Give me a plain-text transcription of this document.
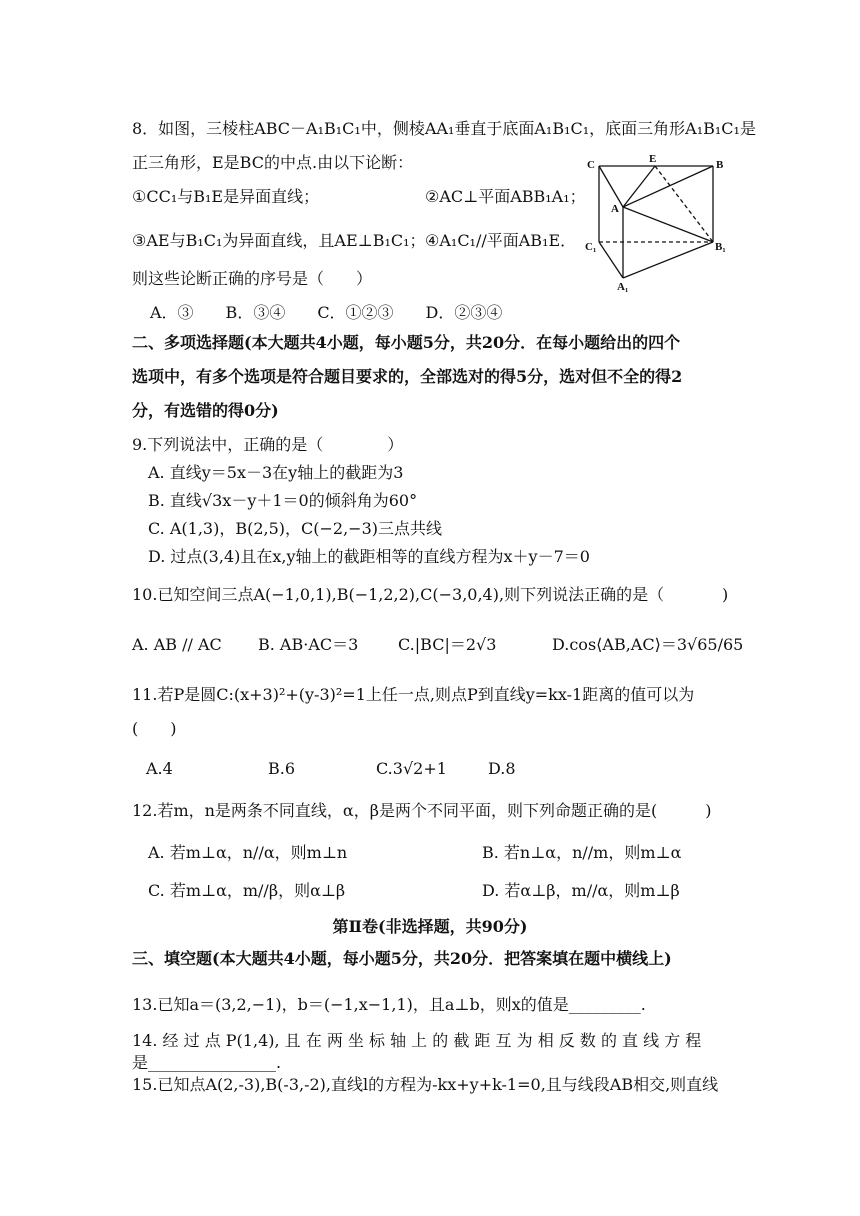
8．如图，三棱柱ABC－A₁B₁C₁中，侧棱AA₁垂直于底面A₁B₁C₁，底面三角形A₁B₁C₁是
正三角形，E是BC的中点.由以下论断：
①CC₁与B₁E是异面直线；	②AC⊥平面ABB₁A₁；
③AE与B₁C₁为异面直线，且AE⊥B₁C₁； ④A₁C₁//平面AB₁E．
则这些论断正确的序号是（　　）
A．③　　B．③④　　C．①②③　　D．②③④
C	E	B
A
C₁	B₁
A₁
二、多项选择题(本大题共4小题，每小题5分，共20分．在每小题给出的四个
选项中，有多个选项是符合题目要求的，全部选对的得5分，选对但不全的得2
分，有选错的得0分)
9.下列说法中，正确的是（　　　　）
A. 直线y＝5x－3在y轴上的截距为3
B. 直线√3x－y＋1＝0的倾斜角为60°
C. A(1,3)，B(2,5)，C(−2,−3)三点共线
D. 过点(3,4)且在x,y轴上的截距相等的直线方程为x＋y－7＝0
10.已知空间三点A(−1,0,1),B(−1,2,2),C(−3,0,4),则下列说法正确的是（	)
A. AB // AC B. AB·AC＝3 C.|BC|＝2√3	D.cos⟨AB,AC⟩＝3√65/65
11.若P是圆C:(x+3)²+(y-3)²=1上任一点,则点P到直线y=kx-1距离的值可以为
(　　)
A.4	B.6	C.3√2+1	D.8
12.若m，n是两条不同直线，α，β是两个不同平面，则下列命题正确的是(　　　)
A. 若m⊥α，n//α，则m⊥n	B. 若n⊥α，n//m，则m⊥α
C. 若m⊥α，m//β，则α⊥β	D. 若α⊥β，m//α，则m⊥β
第Ⅱ卷(非选择题，共90分)
三、填空题(本大题共4小题，每小题5分，共20分．把答案填在题中横线上)
13.已知a＝(3,2,−1)，b＝(−1,x−1,1)，且a⊥b，则x的值是_________.
14. 经 过 点 P(1,4), 且 在 两 坐 标 轴 上 的 截 距 互 为 相 反 数 的 直 线 方 程
是________________.
15.已知点A(2,-3),B(-3,-2),直线l的方程为-kx+y+k-1=0,且与线段AB相交,则直线
